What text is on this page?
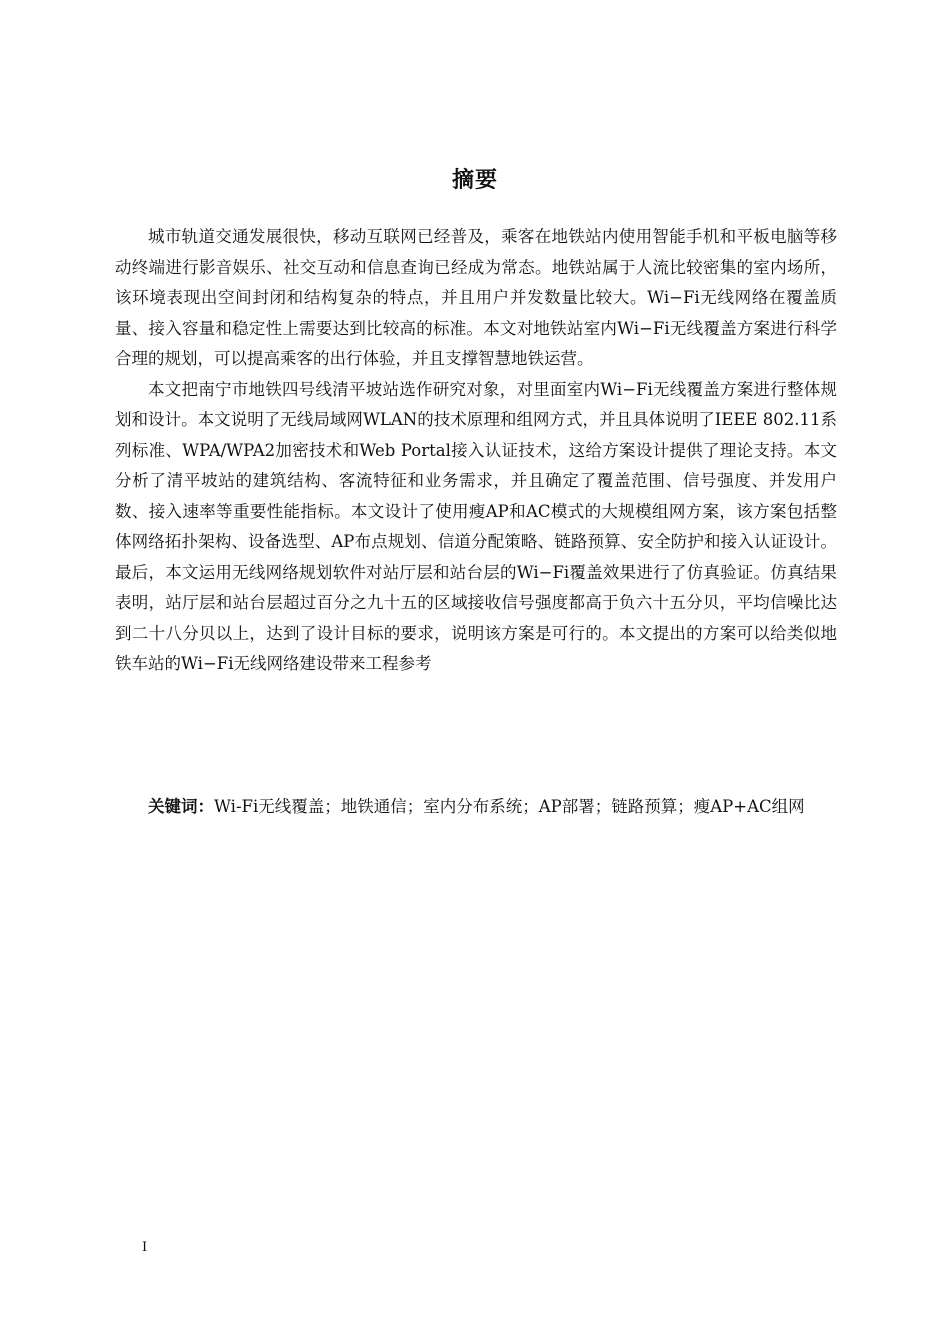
摘要

城市轨道交通发展很快，移动互联网已经普及，乘客在地铁站内使用智能手机和平板电脑等移动终端进行影音娱乐、社交互动和信息查询已经成为常态。地铁站属于人流比较密集的室内场所，该环境表现出空间封闭和结构复杂的特点，并且用户并发数量比较大。Wi−Fi无线网络在覆盖质量、接入容量和稳定性上需要达到比较高的标准。本文对地铁站室内Wi−Fi无线覆盖方案进行科学合理的规划，可以提高乘客的出行体验，并且支撑智慧地铁运营。

本文把南宁市地铁四号线清平坡站选作研究对象，对里面室内Wi−Fi无线覆盖方案进行整体规划和设计。本文说明了无线局域网WLAN的技术原理和组网方式，并且具体说明了IEEE 802.11系列标准、WPA/WPA2加密技术和Web Portal接入认证技术，这给方案设计提供了理论支持。本文分析了清平坡站的建筑结构、客流特征和业务需求，并且确定了覆盖范围、信号强度、并发用户数、接入速率等重要性能指标。本文设计了使用瘦AP和AC模式的大规模组网方案，该方案包括整体网络拓扑架构、设备选型、AP布点规划、信道分配策略、链路预算、安全防护和接入认证设计。最后，本文运用无线网络规划软件对站厅层和站台层的Wi−Fi覆盖效果进行了仿真验证。仿真结果表明，站厅层和站台层超过百分之九十五的区域接收信号强度都高于负六十五分贝，平均信噪比达到二十八分贝以上，达到了设计目标的要求，说明该方案是可行的。本文提出的方案可以给类似地铁车站的Wi−Fi无线网络建设带来工程参考

关键词：Wi-Fi无线覆盖；地铁通信；室内分布系统；AP部署；链路预算；瘦AP+AC组网

I
